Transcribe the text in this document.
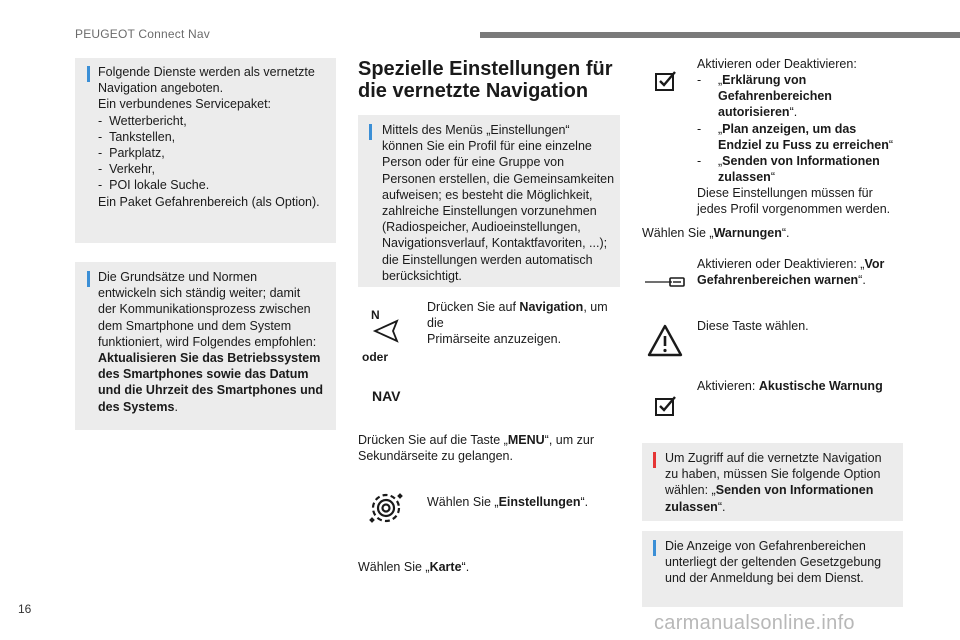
PEUGEOT Connect Nav
Folgende Dienste werden als vernetzte
Navigation angeboten.
Ein verbundenes Servicepaket:
-  Wetterbericht,
-  Tankstellen,
-  Parkplatz,
-  Verkehr,
-  POI lokale Suche.
Ein Paket Gefahrenbereich (als Option).
Die Grundsätze und Normen
entwickeln sich ständig weiter; damit
der Kommunikationsprozess zwischen
dem Smartphone und dem System
funktioniert, wird Folgendes empfohlen:
Aktualisieren Sie das Betriebssystem
des Smartphones sowie das Datum
und die Uhrzeit des Smartphones und
des Systems.
Spezielle Einstellungen für
die vernetzte Navigation
Mittels des Menüs „Einstellungen“
können Sie ein Profil für eine einzelne
Person oder für eine Gruppe von
Personen erstellen, die Gemeinsamkeiten
aufweisen; es besteht die Möglichkeit,
zahlreiche Einstellungen vorzunehmen
(Radiospeicher, Audioeinstellungen,
Navigationsverlauf, Kontaktfavoriten, ...);
die Einstellungen werden automatisch
berücksichtigt.
N
Drücken Sie auf Navigation, um die
Primärseite anzuzeigen.
oder
NAV
Drücken Sie auf die Taste „MENU“, um zur
Sekundärseite zu gelangen.
Wählen Sie „Einstellungen“.
Wählen Sie „Karte“.
Aktivieren oder Deaktivieren:
- „Erklärung von
Gefahrenbereichen
autorisieren“.
- „Plan anzeigen, um das
Endziel zu Fuss zu erreichen“
- „Senden von Informationen
zulassen“
Diese Einstellungen müssen für
jedes Profil vorgenommen werden.
Wählen Sie „Warnungen“.
Aktivieren oder Deaktivieren: „Vor
Gefahrenbereichen warnen“.
Diese Taste wählen.
Aktivieren: Akustische Warnung
Um Zugriff auf die vernetzte Navigation
zu haben, müssen Sie folgende Option
wählen: „Senden von Informationen
zulassen“.
Die Anzeige von Gefahrenbereichen
unterliegt der geltenden Gesetzgebung
und der Anmeldung bei dem Dienst.
16
carmanualsonline.info
